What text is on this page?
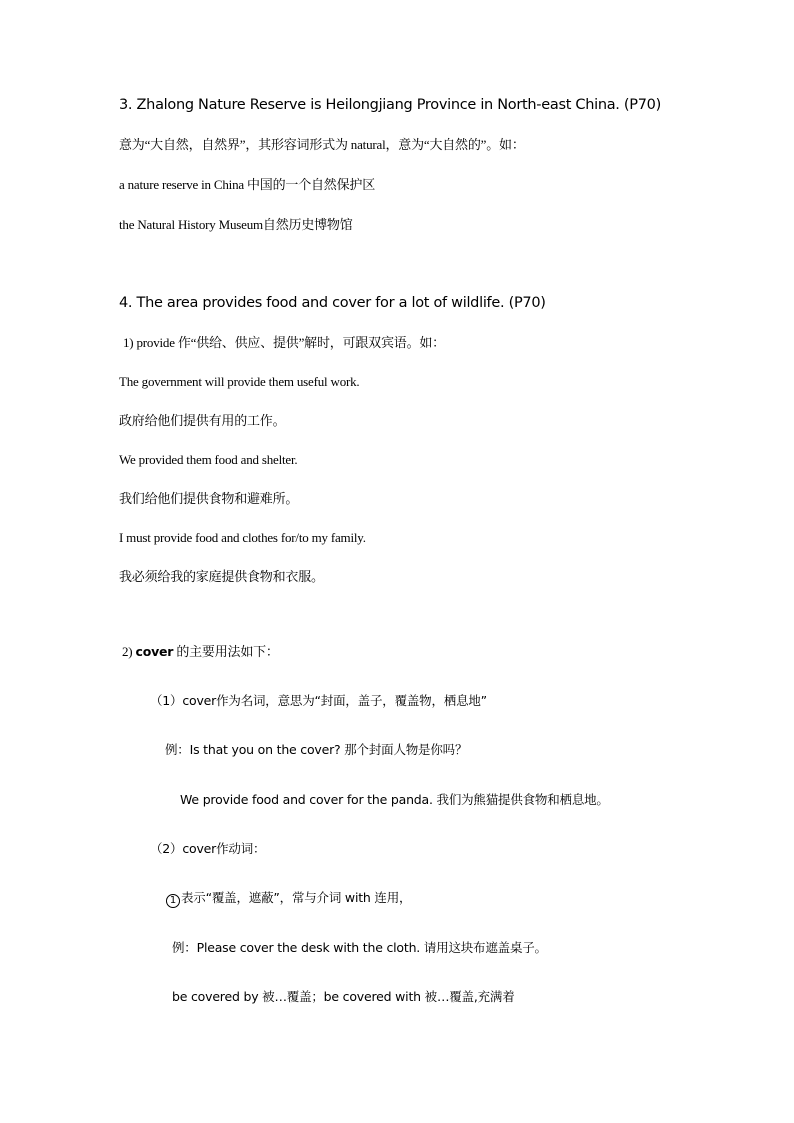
3. Zhalong Nature Reserve is Heilongjiang Province in North-east China. (P70)
意为“大自然，自然界”，其形容词形式为 natural，意为“大自然的”。如：
a nature reserve in China 中国的一个自然保护区
the Natural History Museum自然历史博物馆
4. The area provides food and cover for a lot of wildlife. (P70)
1) provide 作“供给、供应、提供”解时，可跟双宾语。如：
The government will provide them useful work.
政府给他们提供有用的工作。
We provided them food and shelter.
我们给他们提供食物和避难所。
I must provide food and clothes for/to my family.
我必须给我的家庭提供食物和衣服。
2) cover 的主要用法如下：
（1）cover作为名词，意思为“封面，盖子，覆盖物，栖息地”
例：Is that you on the cover? 那个封面人物是你吗？
We provide food and cover for the panda. 我们为熊猫提供食物和栖息地。
（2）cover作动词：
1 表示“覆盖，遮蔽”，常与介词 with 连用，
例：Please cover the desk with the cloth. 请用这块布遮盖桌子。
be covered by 被…覆盖；be covered with 被…覆盖,充满着
